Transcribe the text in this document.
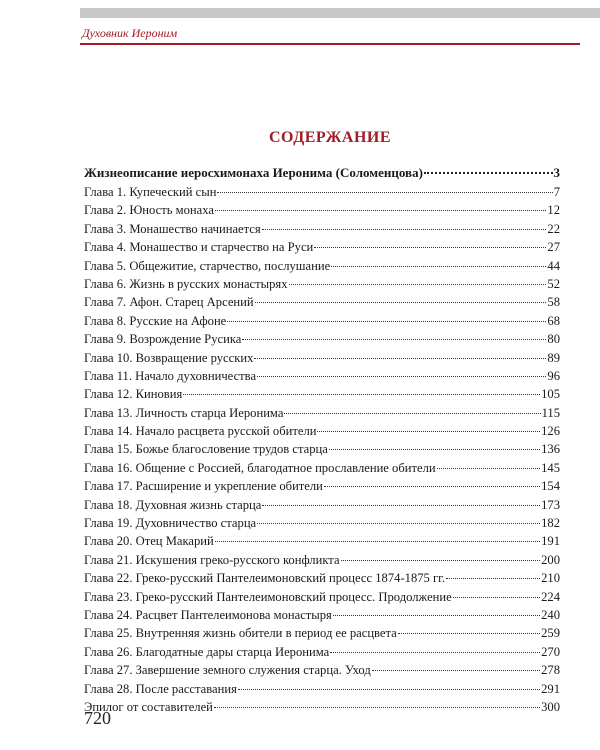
Духовник Иероним
СОДЕРЖАНИЕ
Жизнеописание иеросхимонаха Иеронима (Соломенцова)	3
Глава 1. Купеческий сын	7
Глава 2. Юность монаха	12
Глава 3. Монашество начинается	22
Глава 4. Монашество и старчество на Руси	27
Глава 5. Общежитие, старчество, послушание	44
Глава 6. Жизнь в русских монастырях	52
Глава 7. Афон. Старец Арсений	58
Глава 8. Русские на Афоне	68
Глава 9. Возрождение Русика	80
Глава 10. Возвращение русских	89
Глава 11. Начало духовничества	96
Глава 12. Киновия	105
Глава 13. Личность старца Иеронима	115
Глава 14. Начало расцвета русской обители	126
Глава 15. Божье благословение трудов старца	136
Глава 16. Общение с Россией, благодатное прославление обители	145
Глава 17. Расширение и укрепление обители	154
Глава 18. Духовная жизнь старца	173
Глава 19. Духовничество старца	182
Глава 20. Отец Макарий	191
Глава 21. Искушения греко-русского конфликта	200
Глава 22. Греко-русский Пантелеимоновский процесс 1874-1875 гг.	210
Глава 23. Греко-русский Пантелеимоновский процесс. Продолжение	224
Глава 24. Расцвет Пантелеимонова монастыря	240
Глава 25. Внутренняя жизнь обители в период ее расцвета	259
Глава 26. Благодатные дары старца Иеронима	270
Глава 27. Завершение земного служения старца. Уход	278
Глава 28. После расставания	291
Эпилог от составителей	300
720
